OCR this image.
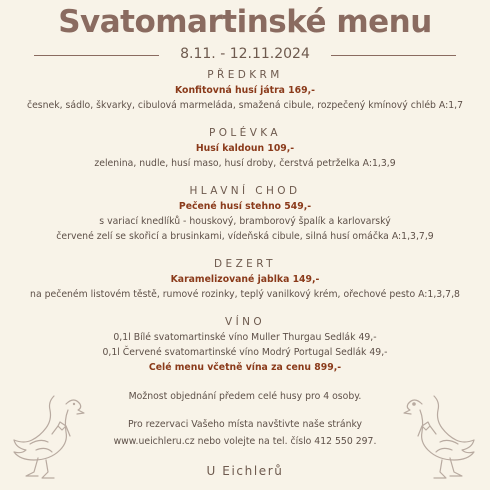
Svatomartinské menu
8.11. - 12.11.2024
PŘEDKRM
Konfitovná husí játra 169,-
česnek, sádlo, škvarky, cibulová marmeláda, smažená cibule, rozpečený kmínový chléb A:1,7
POLÉVKA
Husí kaldoun 109,-
zelenina, nudle, husí maso, husí droby, čerstvá petrželka A:1,3,9
HLAVNÍ CHOD
Pečené husí stehno 549,-
s variací knedlíků - houskový, bramborový špalík a karlovarský
červené zelí se skořicí a brusinkami, vídeňská cibule, silná husí omáčka A:1,3,7,9
DEZERT
Karamelizované jablka 149,-
na pečeném listovém těstě, rumové rozinky, teplý vanilkový krém, ořechové pesto A:1,3,7,8
VÍNO
0,1l Bílé svatomartinské víno Muller Thurgau Sedlák 49,-
0,1l Červené svatomartinské víno Modrý Portugal Sedlák 49,-
Celé menu včetně vína za cenu 899,-
Možnost objednání předem celé husy pro 4 osoby.
Pro rezervaci Vašeho místa navštivte naše stránky
www.ueichleru.cz nebo volejte na tel. číslo 412 550 297.
U Eichlerů
